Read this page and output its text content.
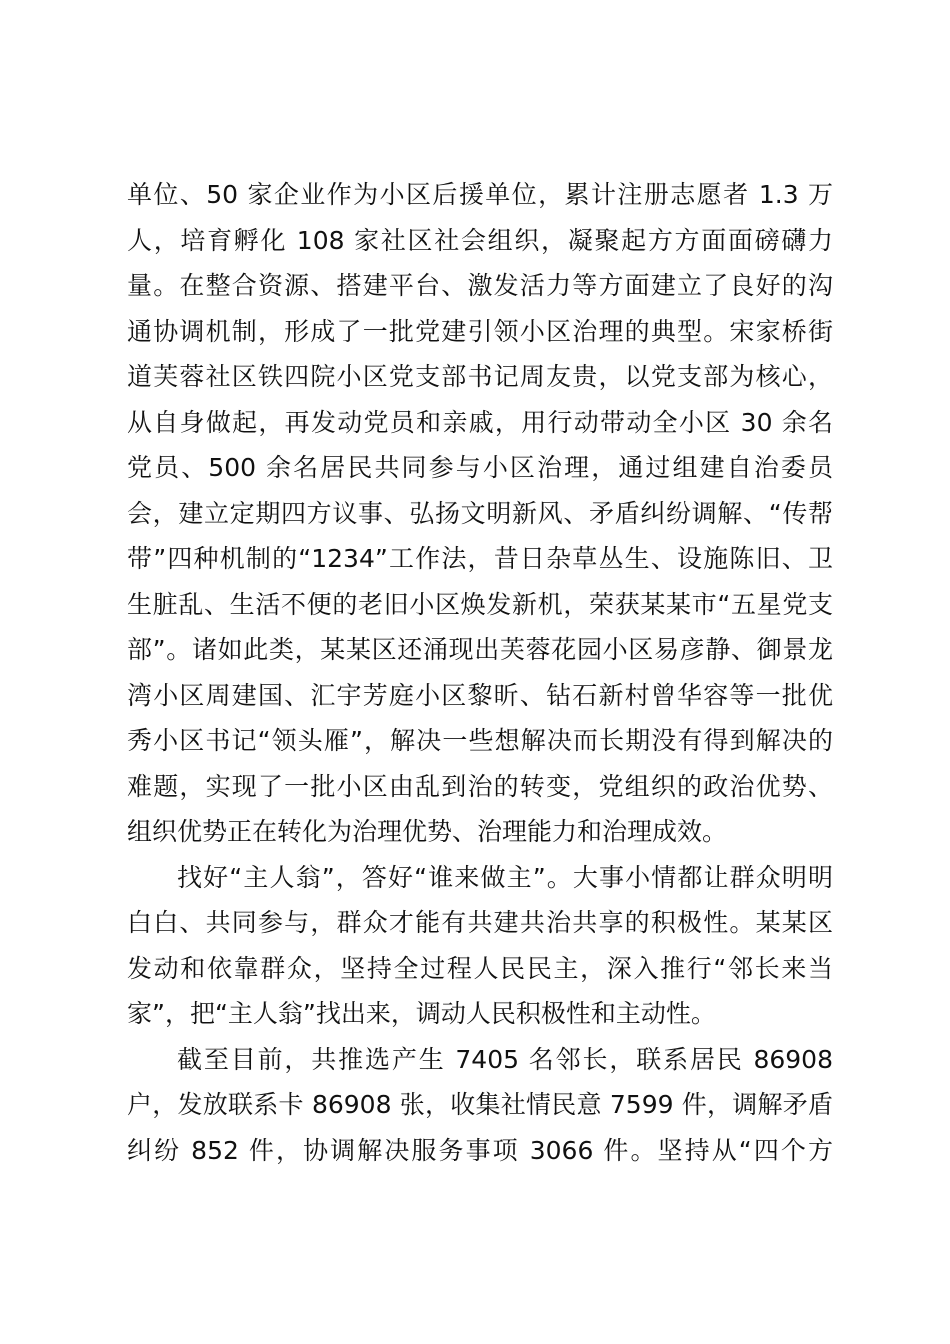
单位、50 家企业作为小区后援单位，累计注册志愿者 1.3 万
人，培育孵化 108 家社区社会组织，凝聚起方方面面磅礴力
量。在整合资源、搭建平台、激发活力等方面建立了良好的沟
通协调机制，形成了一批党建引领小区治理的典型。宋家桥街
道芙蓉社区铁四院小区党支部书记周友贵，以党支部为核心，
从自身做起，再发动党员和亲戚，用行动带动全小区 30 余名
党员、500 余名居民共同参与小区治理，通过组建自治委员
会，建立定期四方议事、弘扬文明新风、矛盾纠纷调解、“传帮
带”四种机制的“1234”工作法，昔日杂草丛生、设施陈旧、卫
生脏乱、生活不便的老旧小区焕发新机，荣获某某市“五星党支
部”。诸如此类，某某区还涌现出芙蓉花园小区易彦静、御景龙
湾小区周建国、汇宇芳庭小区黎昕、钻石新村曾华容等一批优
秀小区书记“领头雁”，解决一些想解决而长期没有得到解决的
难题，实现了一批小区由乱到治的转变，党组织的政治优势、
组织优势正在转化为治理优势、治理能力和治理成效。
找好“主人翁”，答好“谁来做主”。大事小情都让群众明明
白白、共同参与，群众才能有共建共治共享的积极性。某某区
发动和依靠群众，坚持全过程人民民主，深入推行“邻长来当
家”，把“主人翁”找出来，调动人民积极性和主动性。
截至目前，共推选产生 7405 名邻长，联系居民 86908
户，发放联系卡 86908 张，收集社情民意 7599 件，调解矛盾
纠纷 852 件，协调解决服务事项 3066 件。坚持从“四个方
